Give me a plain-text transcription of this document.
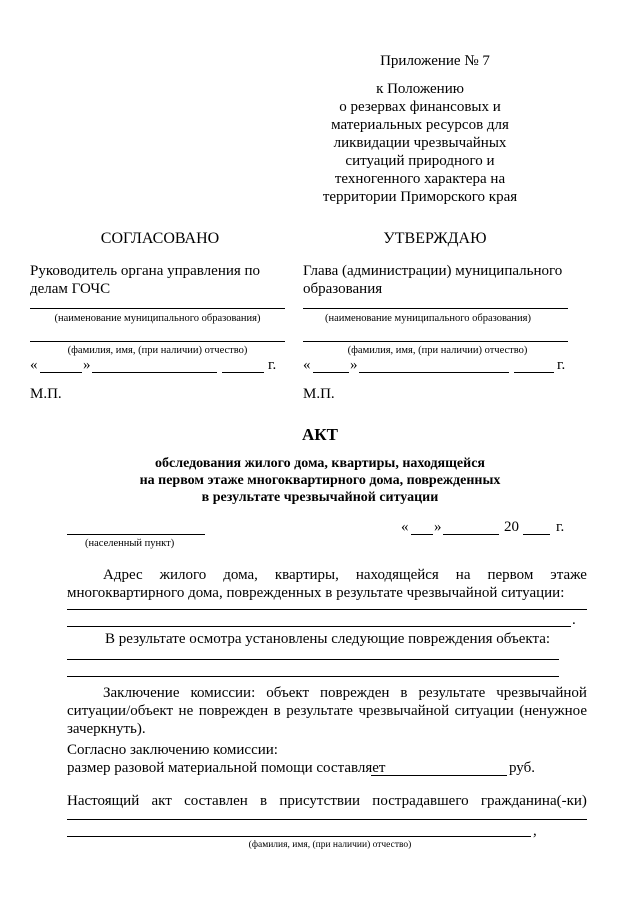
Приложение № 7
к Положению
о резервах финансовых и
материальных ресурсов для
ликвидации чрезвычайных
ситуаций природного и
техногенного характера на
территории Приморского края
СОГЛАСОВАНО
Руководитель органа управления по
делам ГОЧС
(наименование муниципального образования)
(фамилия, имя, (при наличии) отчество)
«	»	г.
М.П.
УТВЕРЖДАЮ
Глава (администрации) муниципального
образования
(наименование муниципального образования)
(фамилия, имя, (при наличии) отчество)
«	»	г.
М.П.
АКТ
обследования жилого дома, квартиры, находящейся
на первом этаже многоквартирного дома, поврежденных
в результате чрезвычайной ситуации
(населенный пункт)
« »	20 г.
Адрес жилого дома, квартиры, находящейся на первом этаже
многоквартирного дома, поврежденных в результате чрезвычайной ситуации:
.
В результате осмотра установлены следующие повреждения объекта:
Заключение комиссии: объект поврежден в результате чрезвычайной
ситуации/объект не поврежден в результате чрезвычайной ситуации (ненужное
зачеркнуть).
Согласно заключению комиссии:
размер разовой материальной помощи составляет	руб.
Настоящий акт составлен в присутствии пострадавшего гражданина(-ки)
,
(фамилия, имя, (при наличии) отчество)
